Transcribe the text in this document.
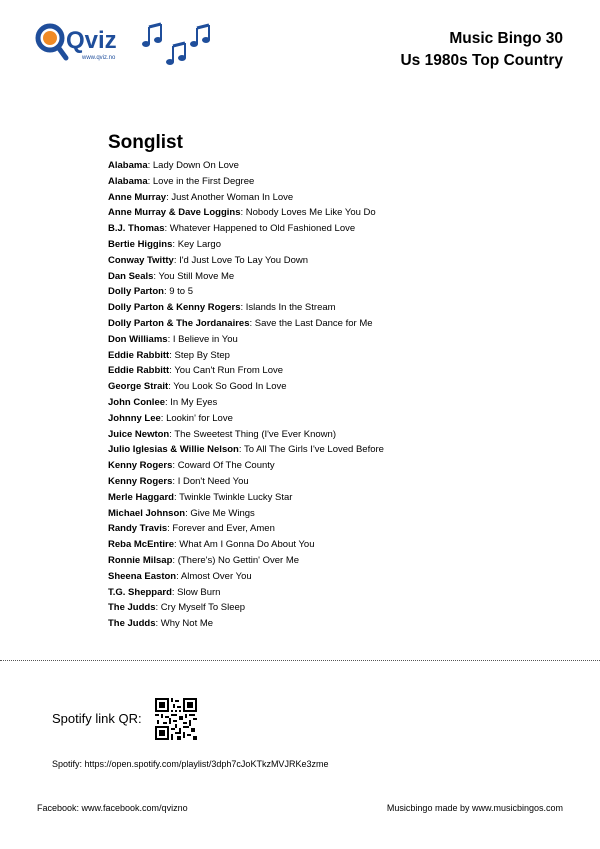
Qviz
www.qviz.no
Music Bingo 30
Us 1980s Top Country
Songlist
Alabama: Lady Down On Love
Alabama: Love in the First Degree
Anne Murray: Just Another Woman In Love
Anne Murray & Dave Loggins: Nobody Loves Me Like You Do
B.J. Thomas: Whatever Happened to Old Fashioned Love
Bertie Higgins: Key Largo
Conway Twitty: I'd Just Love To Lay You Down
Dan Seals: You Still Move Me
Dolly Parton: 9 to 5
Dolly Parton & Kenny Rogers: Islands In the Stream
Dolly Parton & The Jordanaires: Save the Last Dance for Me
Don Williams: I Believe in You
Eddie Rabbitt: Step By Step
Eddie Rabbitt: You Can't Run From Love
George Strait: You Look So Good In Love
John Conlee: In My Eyes
Johnny Lee: Lookin' for Love
Juice Newton: The Sweetest Thing (I've Ever Known)
Julio Iglesias & Willie Nelson: To All The Girls I've Loved Before
Kenny Rogers: Coward Of The County
Kenny Rogers: I Don't Need You
Merle Haggard: Twinkle Twinkle Lucky Star
Michael Johnson: Give Me Wings
Randy Travis: Forever and Ever, Amen
Reba McEntire: What Am I Gonna Do About You
Ronnie Milsap: (There's) No Gettin' Over Me
Sheena Easton: Almost Over You
T.G. Sheppard: Slow Burn
The Judds: Cry Myself To Sleep
The Judds: Why Not Me
Spotify link QR:
Spotify: https://open.spotify.com/playlist/3dph7cJoKTkzMVJRKe3zme
Facebook: www.facebook.com/qvizno	Musicbingo made by www.musicbingos.com
